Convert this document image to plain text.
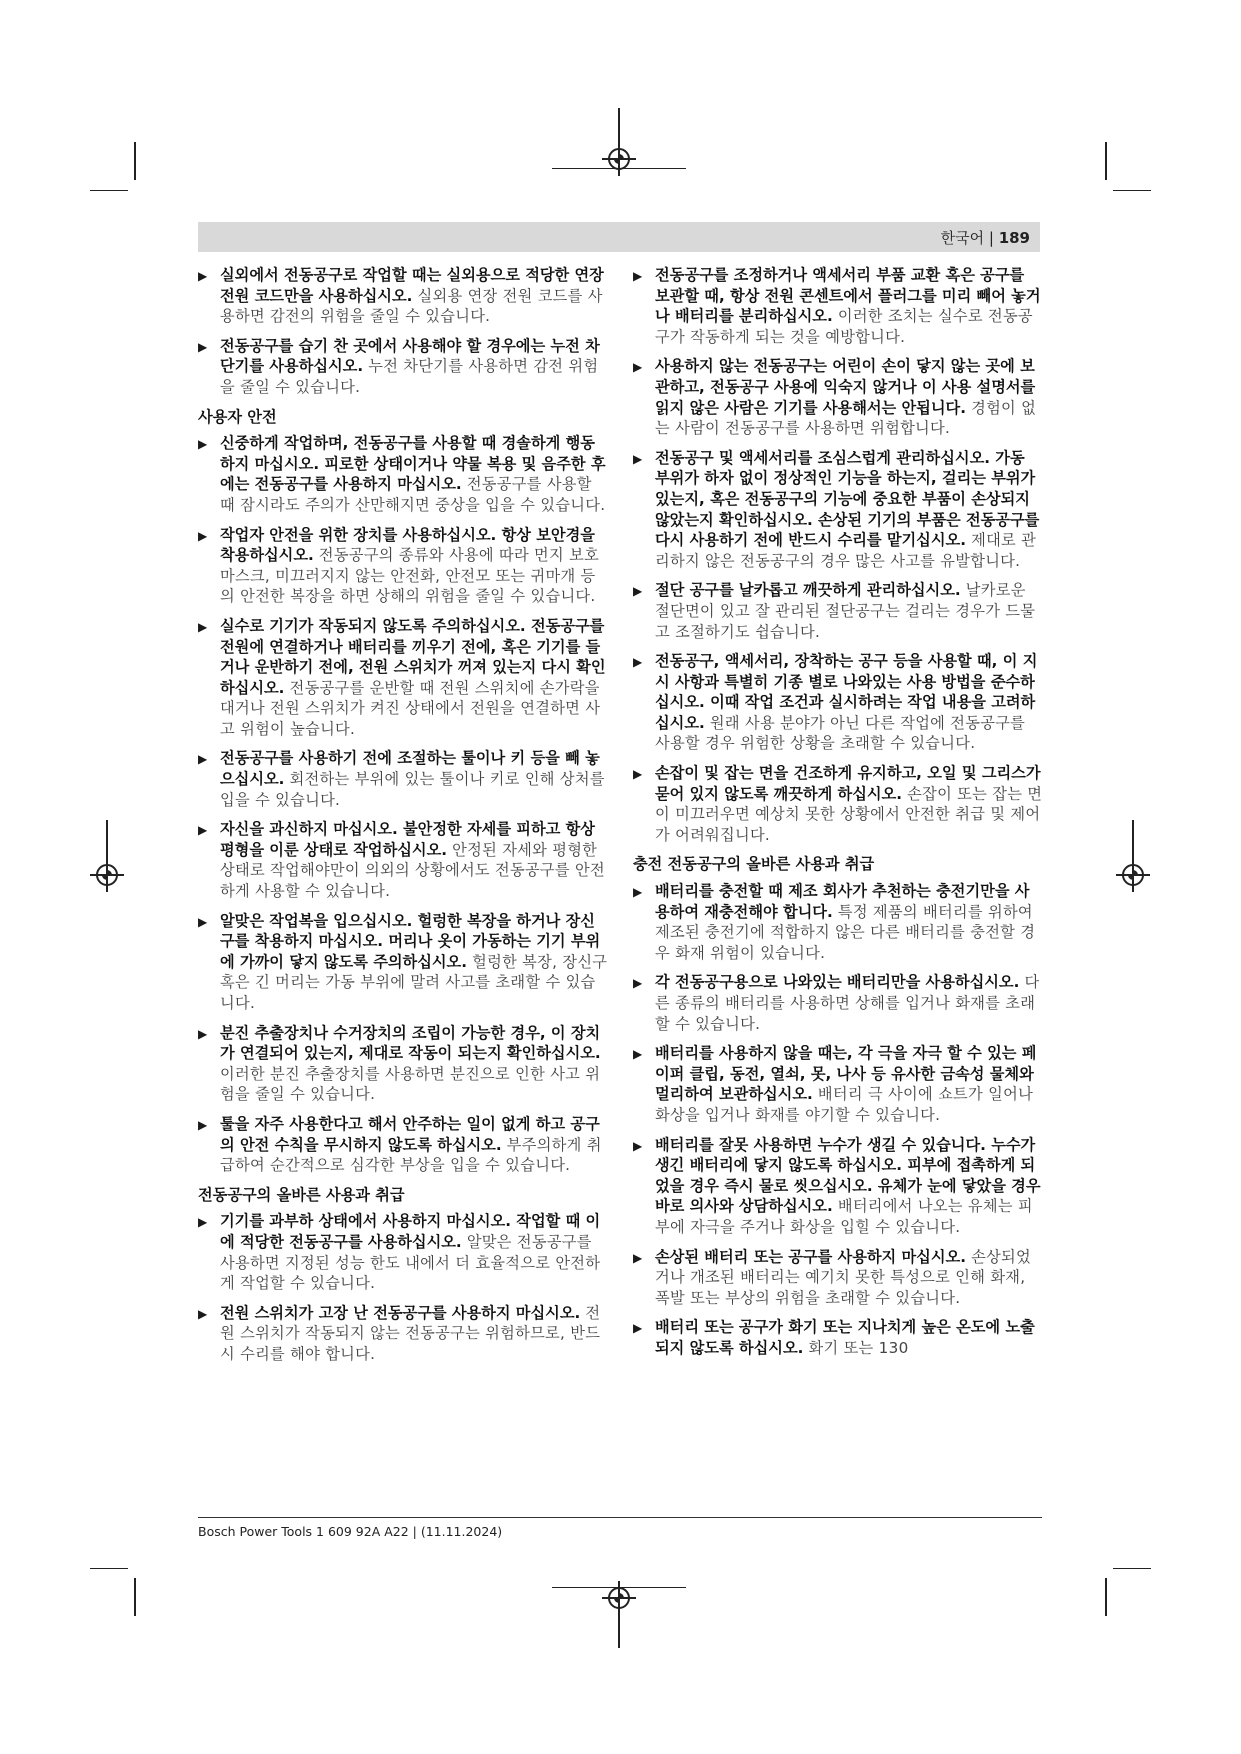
한국어 | 189
▶ 실외에서 전동공구로 작업할 때는 실외용으로 적당한 연장 전원 코드만을 사용하십시오. 실외용 연장 전원 코드를 사용하면 감전의 위험을 줄일 수 있습니다.
▶ 전동공구를 습기 찬 곳에서 사용해야 할 경우에는 누전 차단기를 사용하십시오. 누전 차단기를 사용하면 감전 위험을 줄일 수 있습니다.
사용자 안전
▶ 신중하게 작업하며, 전동공구를 사용할 때 경솔하게 행동하지 마십시오. 피로한 상태이거나 약물 복용 및 음주한 후에는 전동공구를 사용하지 마십시오. 전동공구를 사용할 때 잠시라도 주의가 산만해지면 중상을 입을 수 있습니다.
▶ 작업자 안전을 위한 장치를 사용하십시오. 항상 보안경을 착용하십시오. 전동공구의 종류와 사용에 따라 먼지 보호 마스크, 미끄러지지 않는 안전화, 안전모 또는 귀마개 등의 안전한 복장을 하면 상해의 위험을 줄일 수 있습니다.
▶ 실수로 기기가 작동되지 않도록 주의하십시오. 전동공구를 전원에 연결하거나 배터리를 끼우기 전에, 혹은 기기를 들거나 운반하기 전에, 전원 스위치가 꺼져 있는지 다시 확인하십시오. 전동공구를 운반할 때 전원 스위치에 손가락을 대거나 전원 스위치가 켜진 상태에서 전원을 연결하면 사고 위험이 높습니다.
▶ 전동공구를 사용하기 전에 조절하는 툴이나 키 등을 빼 놓으십시오. 회전하는 부위에 있는 툴이나 키로 인해 상처를 입을 수 있습니다.
▶ 자신을 과신하지 마십시오. 불안정한 자세를 피하고 항상 평형을 이룬 상태로 작업하십시오. 안정된 자세와 평형한 상태로 작업해야만이 의외의 상황에서도 전동공구를 안전하게 사용할 수 있습니다.
▶ 알맞은 작업복을 입으십시오. 헐렁한 복장을 하거나 장신구를 착용하지 마십시오. 머리나 옷이 가동하는 기기 부위에 가까이 닿지 않도록 주의하십시오. 헐렁한 복장, 장신구 혹은 긴 머리는 가동 부위에 말려 사고를 초래할 수 있습니다.
▶ 분진 추출장치나 수거장치의 조립이 가능한 경우, 이 장치가 연결되어 있는지, 제대로 작동이 되는지 확인하십시오. 이러한 분진 추출장치를 사용하면 분진으로 인한 사고 위험을 줄일 수 있습니다.
▶ 툴을 자주 사용한다고 해서 안주하는 일이 없게 하고 공구의 안전 수칙을 무시하지 않도록 하십시오. 부주의하게 취급하여 순간적으로 심각한 부상을 입을 수 있습니다.
전동공구의 올바른 사용과 취급
▶ 기기를 과부하 상태에서 사용하지 마십시오. 작업할 때 이에 적당한 전동공구를 사용하십시오. 알맞은 전동공구를 사용하면 지정된 성능 한도 내에서 더 효율적으로 안전하게 작업할 수 있습니다.
▶ 전원 스위치가 고장 난 전동공구를 사용하지 마십시오. 전원 스위치가 작동되지 않는 전동공구는 위험하므로, 반드시 수리를 해야 합니다.
▶ 전동공구를 조정하거나 액세서리 부품 교환 혹은 공구를 보관할 때, 항상 전원 콘센트에서 플러그를 미리 빼어 놓거나 배터리를 분리하십시오. 이러한 조치는 실수로 전동공구가 작동하게 되는 것을 예방합니다.
▶ 사용하지 않는 전동공구는 어린이 손이 닿지 않는 곳에 보관하고, 전동공구 사용에 익숙지 않거나 이 사용 설명서를 읽지 않은 사람은 기기를 사용해서는 안됩니다. 경험이 없는 사람이 전동공구를 사용하면 위험합니다.
▶ 전동공구 및 액세서리를 조심스럽게 관리하십시오. 가동 부위가 하자 없이 정상적인 기능을 하는지, 걸리는 부위가 있는지, 혹은 전동공구의 기능에 중요한 부품이 손상되지 않았는지 확인하십시오. 손상된 기기의 부품은 전동공구를 다시 사용하기 전에 반드시 수리를 맡기십시오. 제대로 관리하지 않은 전동공구의 경우 많은 사고를 유발합니다.
▶ 절단 공구를 날카롭고 깨끗하게 관리하십시오. 날카로운 절단면이 있고 잘 관리된 절단공구는 걸리는 경우가 드물고 조절하기도 쉽습니다.
▶ 전동공구, 액세서리, 장착하는 공구 등을 사용할 때, 이 지시 사항과 특별히 기종 별로 나와있는 사용 방법을 준수하십시오. 이때 작업 조건과 실시하려는 작업 내용을 고려하십시오. 원래 사용 분야가 아닌 다른 작업에 전동공구를 사용할 경우 위험한 상황을 초래할 수 있습니다.
▶ 손잡이 및 잡는 면을 건조하게 유지하고, 오일 및 그리스가 묻어 있지 않도록 깨끗하게 하십시오. 손잡이 또는 잡는 면이 미끄러우면 예상치 못한 상황에서 안전한 취급 및 제어가 어려워집니다.
충전 전동공구의 올바른 사용과 취급
▶ 배터리를 충전할 때 제조 회사가 추천하는 충전기만을 사용하여 재충전해야 합니다. 특정 제품의 배터리를 위하여 제조된 충전기에 적합하지 않은 다른 배터리를 충전할 경우 화재 위험이 있습니다.
▶ 각 전동공구용으로 나와있는 배터리만을 사용하십시오. 다른 종류의 배터리를 사용하면 상해를 입거나 화재를 초래할 수 있습니다.
▶ 배터리를 사용하지 않을 때는, 각 극을 자극 할 수 있는 페이퍼 클립, 동전, 열쇠, 못, 나사 등 유사한 금속성 물체와 멀리하여 보관하십시오. 배터리 극 사이에 쇼트가 일어나 화상을 입거나 화재를 야기할 수 있습니다.
▶ 배터리를 잘못 사용하면 누수가 생길 수 있습니다. 누수가 생긴 배터리에 닿지 않도록 하십시오. 피부에 접촉하게 되었을 경우 즉시 물로 씻으십시오. 유체가 눈에 닿았을 경우 바로 의사와 상담하십시오. 배터리에서 나오는 유체는 피부에 자극을 주거나 화상을 입힐 수 있습니다.
▶ 손상된 배터리 또는 공구를 사용하지 마십시오. 손상되었거나 개조된 배터리는 예기치 못한 특성으로 인해 화재, 폭발 또는 부상의 위험을 초래할 수 있습니다.
▶ 배터리 또는 공구가 화기 또는 지나치게 높은 온도에 노출되지 않도록 하십시오. 화기 또는 130
Bosch Power Tools 1 609 92A A22 | (11.11.2024)
